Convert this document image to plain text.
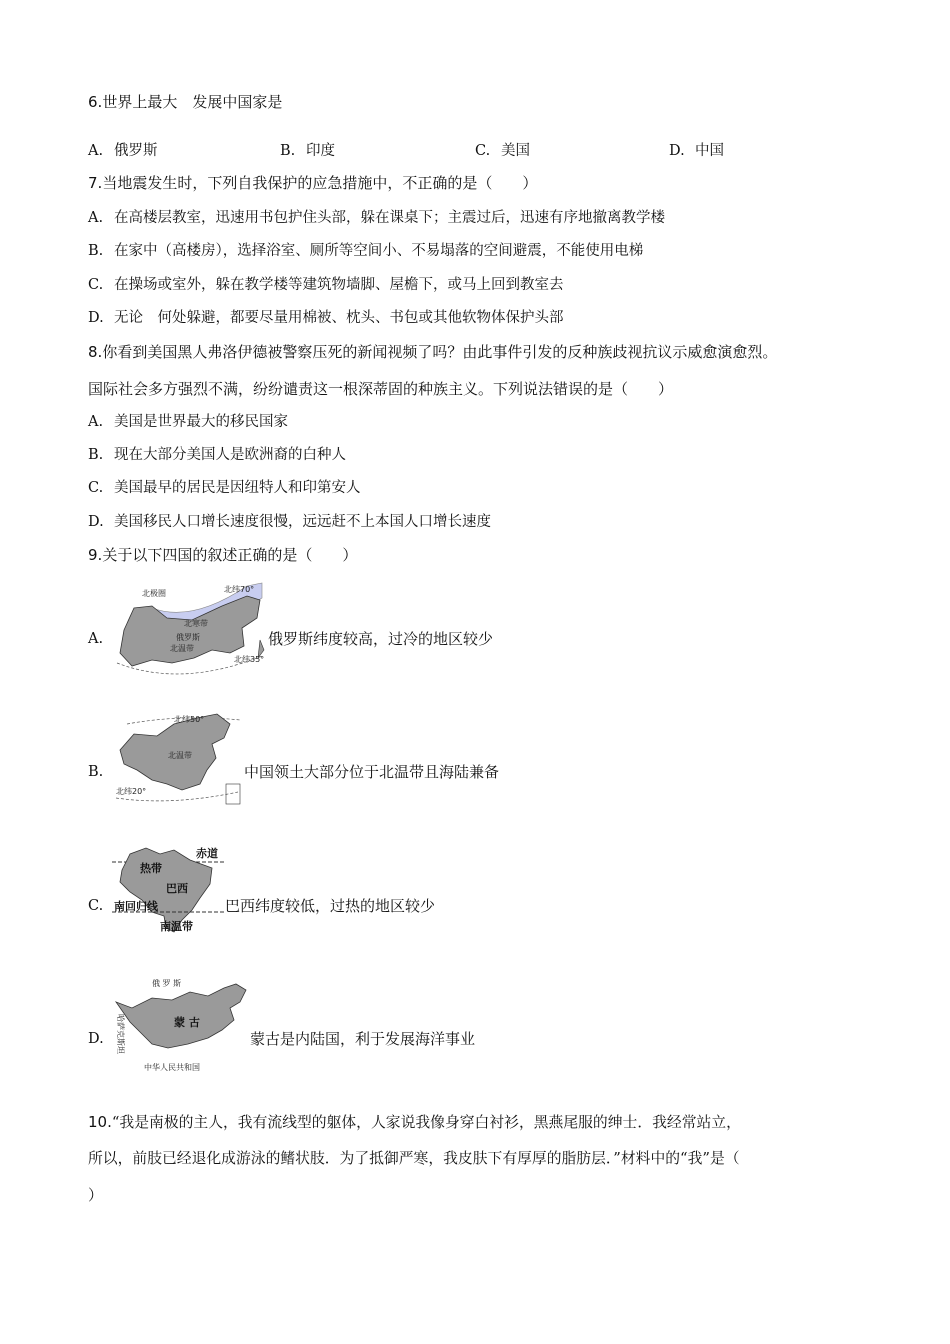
6.世界上最大　发展中国家是
A. 俄罗斯	B. 印度	C. 美国	D. 中国
7.当地震发生时，下列自我保护的应急措施中，不正确的是（　　）
A. 在高楼层教室，迅速用书包护住头部，躲在课桌下；主震过后，迅速有序地撤离教学楼
B. 在家中（高楼房），选择浴室、厕所等空间小、不易塌落的空间避震，不能使用电梯
C. 在操场或室外，躲在教学楼等建筑物墙脚、屋檐下，或马上回到教室去
D. 无论　何处躲避，都要尽量用棉被、枕头、书包或其他软物体保护头部
8.你看到美国黑人弗洛伊德被警察压死的新闻视频了吗？由此事件引发的反种族歧视抗议示威愈演愈烈。
国际社会多方强烈不满，纷纷谴责这一根深蒂固的种族主义。下列说法错误的是（　　）
A. 美国是世界最大的移民国家
B. 现在大部分美国人是欧洲裔的白种人
C. 美国最早的居民是因纽特人和印第安人
D. 美国移民人口增长速度很慢，远远赶不上本国人口增长速度
9.关于以下四国的叙述正确的是（　　）
A.
北极圈	北纬70°
北寒带
俄罗斯
北温带
北纬35°
俄罗斯纬度较高，过冷的地区较少
B.
北纬50°
北温带
北纬20°
中国领土大部分位于北温带且海陆兼备
C.
赤道
热带
巴西
南回归线
南温带
巴西纬度较低，过热的地区较少
D.
俄 罗 斯
蒙 古
哈萨克斯坦
中华人民共和国
蒙古是内陆国，利于发展海洋事业
10.“我是南极的主人，我有流线型的躯体，人家说我像身穿白衬衫，黑燕尾服的绅士．我经常站立，
所以，前肢已经退化成游泳的鳍状肢．为了抵御严寒，我皮肤下有厚厚的脂肪层．”材料中的“我”是（
）
